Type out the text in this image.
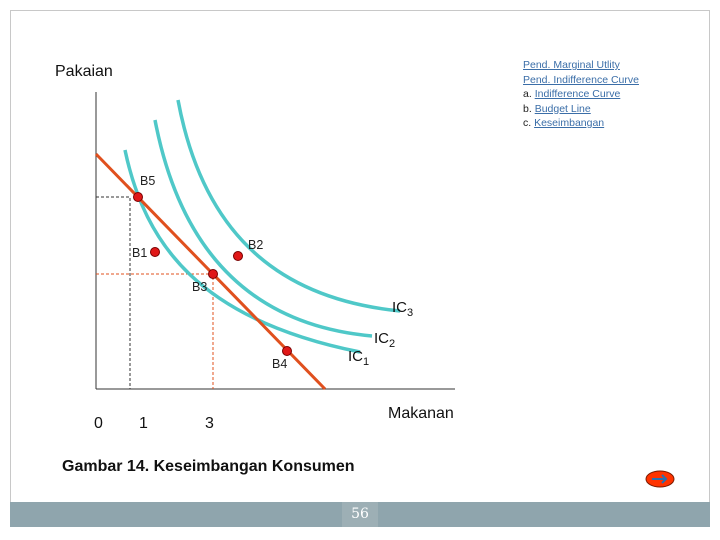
Pend. Marginal Utlity
Pend. Indifference Curve
a. Indifference Curve
b. Budget Line
c. Keseimbangan
Pakaian
Makanan
0 1	3
B5
B1
B2
B3
B4
$IC_3$
$IC_2$
$IC_1$
Gambar 14. Keseimbangan Konsumen
56
